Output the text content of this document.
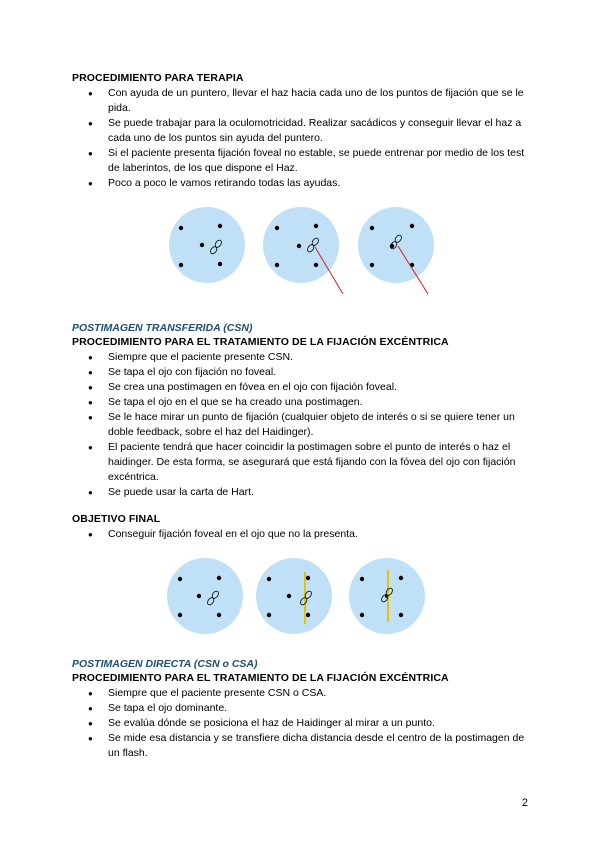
PROCEDIMIENTO PARA TERAPIA
● Con ayuda de un puntero, llevar el haz hacia cada uno de los puntos de fijación que se le pida.
● Se puede trabajar para la oculomotricidad. Realizar sacádicos y conseguir llevar el haz a cada uno de los puntos sin ayuda del puntero.
● Si el paciente presenta fijación foveal no estable, se puede entrenar por medio de los test de laberintos, de los que dispone el Haz.
● Poco a poco le vamos retirando todas las ayudas.
POSTIMAGEN TRANSFERIDA (CSN)
PROCEDIMIENTO PARA EL TRATAMIENTO DE LA FIJACIÓN EXCÉNTRICA
● Siempre que el paciente presente CSN.
● Se tapa el ojo con fijación no foveal.
● Se crea una postimagen en fóvea en el ojo con fijación foveal.
● Se tapa el ojo en el que se ha creado una postimagen.
● Se le hace mirar un punto de fijación (cualquier objeto de interés o si se quiere tener un doble feedback, sobre el haz del Haidinger).
● El paciente tendrá que hacer coincidir la postimagen sobre el punto de interés o haz el haidinger. De esta forma, se asegurará que está fijando con la fóvea del ojo con fijación excéntrica.
● Se puede usar la carta de Hart.
OBJETIVO FINAL
● Conseguir fijación foveal en el ojo que no la presenta.
POSTIMAGEN DIRECTA (CSN o CSA)
PROCEDIMIENTO PARA EL TRATAMIENTO DE LA FIJACIÓN EXCÉNTRICA
● Siempre que el paciente presente CSN o CSA.
● Se tapa el ojo dominante.
● Se evalúa dónde se posiciona el haz de Haidinger al mirar a un punto.
● Se mide esa distancia y se transfiere dicha distancia desde el centro de la postimagen de un flash.
2
